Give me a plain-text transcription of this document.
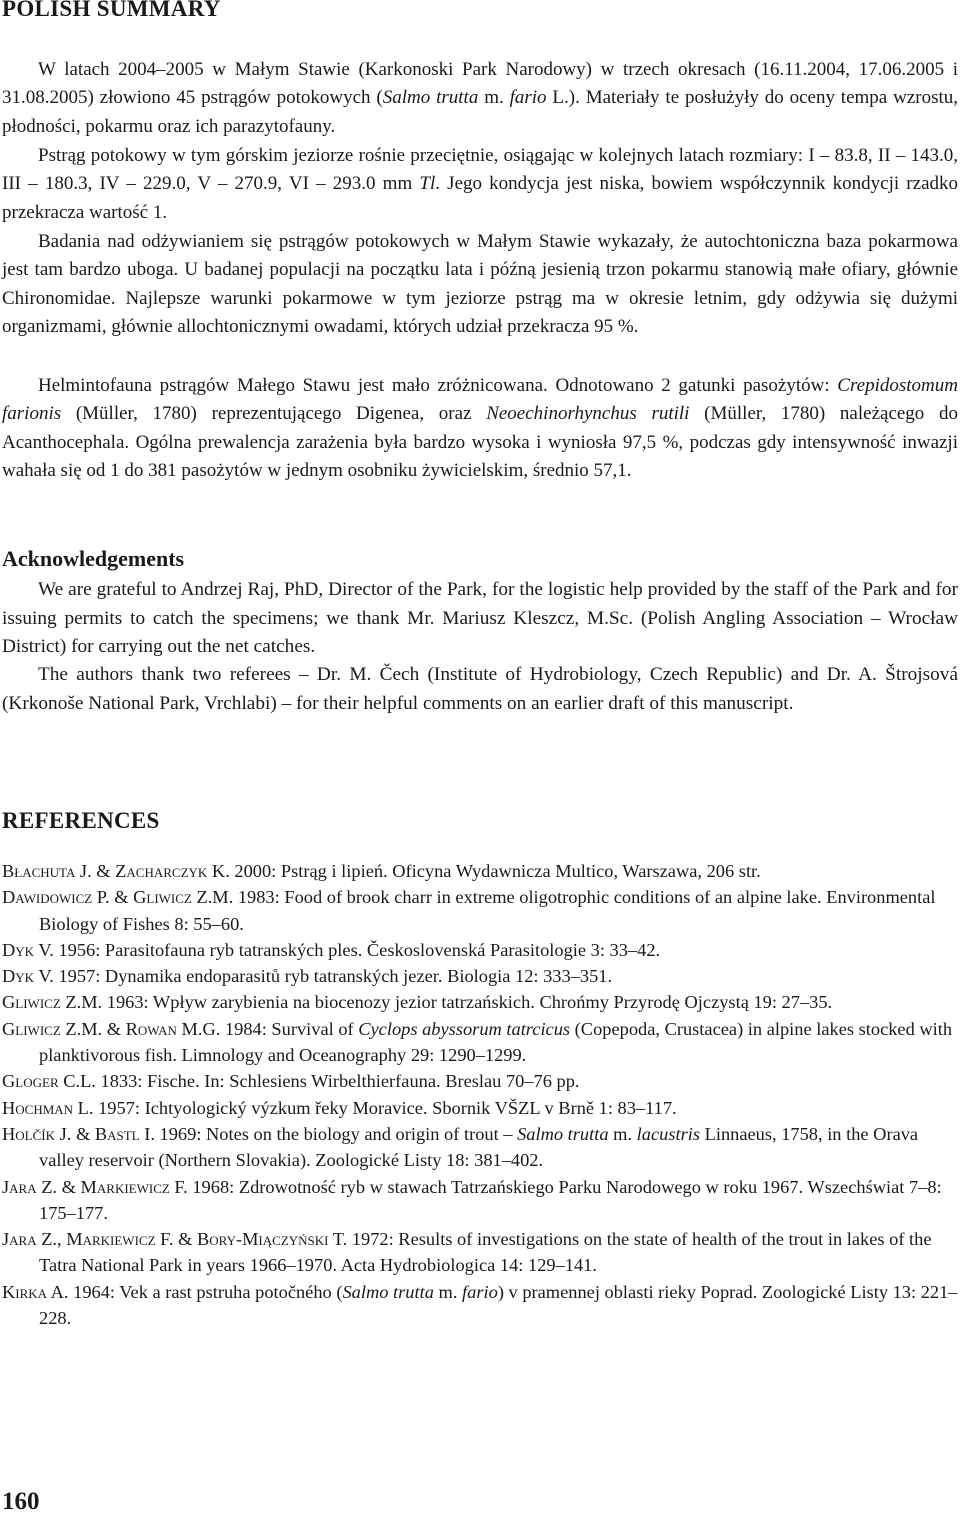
POLISH SUMMARY

W latach 2004–2005 w Małym Stawie (Karkonoski Park Narodowy) w trzech okresach (16.11.2004, 17.06.2005 i 31.08.2005) złowiono 45 pstrągów potokowych (Salmo trutta m. fario L.). Materiały te posłużyły do oceny tempa wzrostu, płodności, pokarmu oraz ich parazytofauny.

Pstrąg potokowy w tym górskim jeziorze rośnie przeciętnie, osiągając w kolejnych latach rozmiary: I – 83.8, II – 143.0, III – 180.3, IV – 229.0, V – 270.9, VI – 293.0 mm Tl. Jego kondycja jest niska, bowiem współczynnik kondycji rzadko przekracza wartość 1.

Badania nad odżywianiem się pstrągów potokowych w Małym Stawie wykazały, że autochtoniczna baza pokarmowa jest tam bardzo uboga. U badanej populacji na początku lata i późną jesienią trzon pokarmu stanowią małe ofiary, głównie Chironomidae. Najlepsze warunki pokarmowe w tym jeziorze pstrąg ma w okresie letnim, gdy odżywia się dużymi organizmami, głównie allochtonicznymi owadami, których udział przekracza 95 %.

Helmintofauna pstrągów Małego Stawu jest mało zróżnicowana. Odnotowano 2 gatunki pasożytów: Crepidostomum farionis (Müller, 1780) reprezentującego Digenea, oraz Neoechinorhynchus rutili (Müller, 1780) należącego do Acanthocephala. Ogólna prewalencja zarażenia była bardzo wysoka i wyniosła 97,5 %, podczas gdy intensywność inwazji wahała się od 1 do 381 pasożytów w jednym osobniku żywicielskim, średnio 57,1.

Acknowledgements

We are grateful to Andrzej Raj, PhD, Director of the Park, for the logistic help provided by the staff of the Park and for issuing permits to catch the specimens; we thank Mr. Mariusz Kleszcz, M.Sc. (Polish Angling Association – Wrocław District) for carrying out the net catches.

The authors thank two referees – Dr. M. Čech (Institute of Hydrobiology, Czech Republic) and Dr. A. Štrojsová (Krkonoše National Park, Vrchlabi) – for their helpful comments on an earlier draft of this manuscript.

REFERENCES
Błachuta J. & Zacharczyk K. 2000: Pstrąg i lipień. Oficyna Wydawnicza Multico, Warszawa, 206 str.
Dawidowicz P. & Gliwicz Z.M. 1983: Food of brook charr in extreme oligotrophic conditions of an alpine lake. Environmental Biology of Fishes 8: 55–60.
Dyk V. 1956: Parasitofauna ryb tatranských ples. Československá Parasitologie 3: 33–42.
Dyk V. 1957: Dynamika endoparasitů ryb tatranských jezer. Biologia 12: 333–351.
Gliwicz Z.M. 1963: Wpływ zarybienia na biocenozy jezior tatrzańskich. Chrońmy Przyrodę Ojczystą 19: 27–35.
Gliwicz Z.M. & Rowan M.G. 1984: Survival of Cyclops abyssorum tatrcicus (Copepoda, Crustacea) in alpine lakes stocked with planktivorous fish. Limnology and Oceanography 29: 1290–1299.
Gloger C.L. 1833: Fische. In: Schlesiens Wirbelthierfauna. Breslau 70–76 pp.
Hochman L. 1957: Ichtyologický výzkum řeky Moravice. Sbornik VŠZL v Brně 1: 83–117.
Holčík J. & Bastl I. 1969: Notes on the biology and origin of trout – Salmo trutta m. lacustris Linnaeus, 1758, in the Orava valley reservoir (Northern Slovakia). Zoologické Listy 18: 381–402.
Jara Z. & Markiewicz F. 1968: Zdrowotność ryb w stawach Tatrzańskiego Parku Narodowego w roku 1967. Wszechświat 7–8: 175–177.
Jara Z., Markiewicz F. & Bory-Miączyński T. 1972: Results of investigations on the state of health of the trout in lakes of the Tatra National Park in years 1966–1970. Acta Hydrobiologica 14: 129–141.
Kirka A. 1964: Vek a rast pstruha potočného (Salmo trutta m. fario) v pramennej oblasti rieky Poprad. Zoologické Listy 13: 221–228.
160
